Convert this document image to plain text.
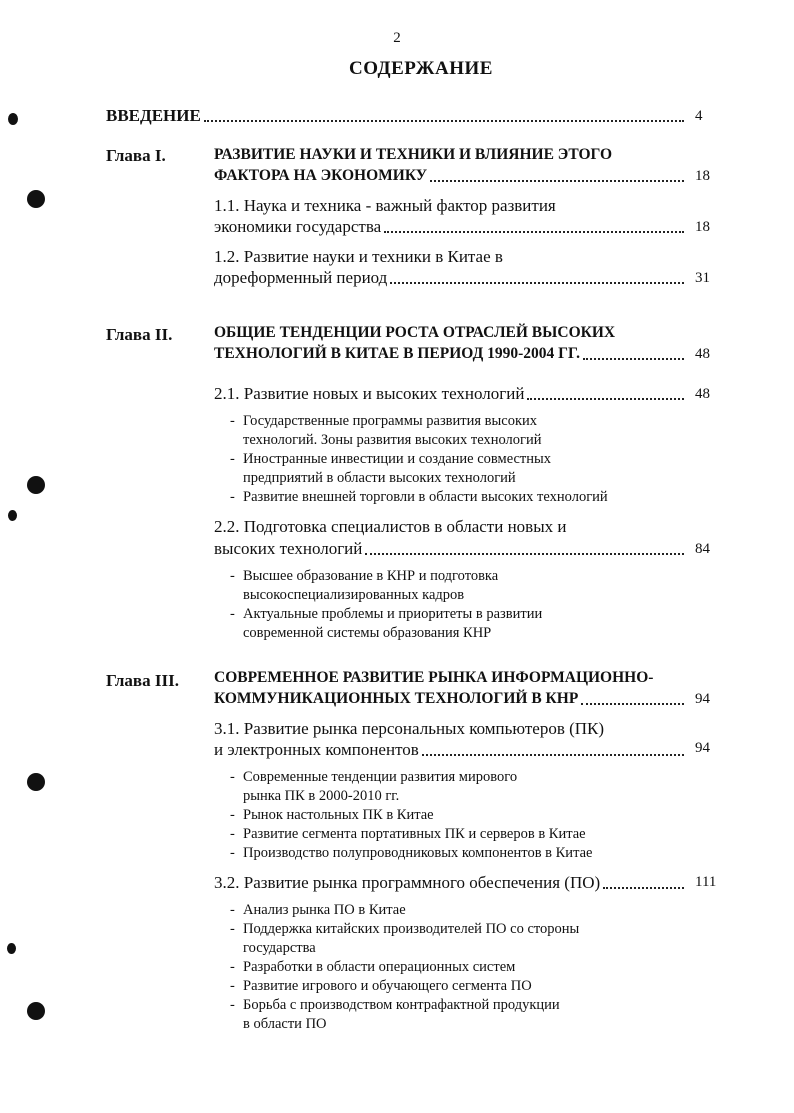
2
СОДЕРЖАНИЕ
ВВЕДЕНИЕ	4
Глава I.	РАЗВИТИЕ НАУКИ И ТЕХНИКИ И ВЛИЯНИЕ ЭТОГО
ФАКТОРА НА ЭКОНОМИКУ	18
1.1. Наука и техника - важный фактор развития
экономики государства	18
1.2. Развитие науки и техники в Китае в
дореформенный период	31
Глава II.	ОБЩИЕ ТЕНДЕНЦИИ РОСТА ОТРАСЛЕЙ ВЫСОКИХ
ТЕХНОЛОГИЙ В КИТАЕ В ПЕРИОД 1990-2004 ГГ.	48
2.1. Развитие новых и высоких технологий	48
- Государственные программы развития высоких
технологий. Зоны развития высоких технологий
- Иностранные инвестиции и создание совместных
предприятий в области высоких технологий
- Развитие внешней торговли в области высоких технологий
2.2. Подготовка специалистов в области новых и
высоких технологий	84
- Высшее образование в КНР и подготовка
высокоспециализированных кадров
- Актуальные проблемы и приоритеты в развитии
современной системы образования КНР
Глава III. СОВРЕМЕННОЕ РАЗВИТИЕ РЫНКА ИНФОРМАЦИОННО-
КОММУНИКАЦИОННЫХ ТЕХНОЛОГИЙ В КНР	94
3.1. Развитие рынка персональных компьютеров (ПК)
и электронных компонентов	94
- Современные тенденции развития мирового
рынка ПК в 2000-2010 гг.
- Рынок настольных ПК в Китае
- Развитие сегмента портативных ПК и серверов в Китае
- Производство полупроводниковых компонентов в Китае
3.2. Развитие рынка программного обеспечения (ПО)	111
- Анализ рынка ПО в Китае
- Поддержка китайских производителей ПО со стороны
государства
- Разработки в области операционных систем
- Развитие игрового и обучающего сегмента ПО
- Борьба с производством контрафактной продукции
в области ПО
